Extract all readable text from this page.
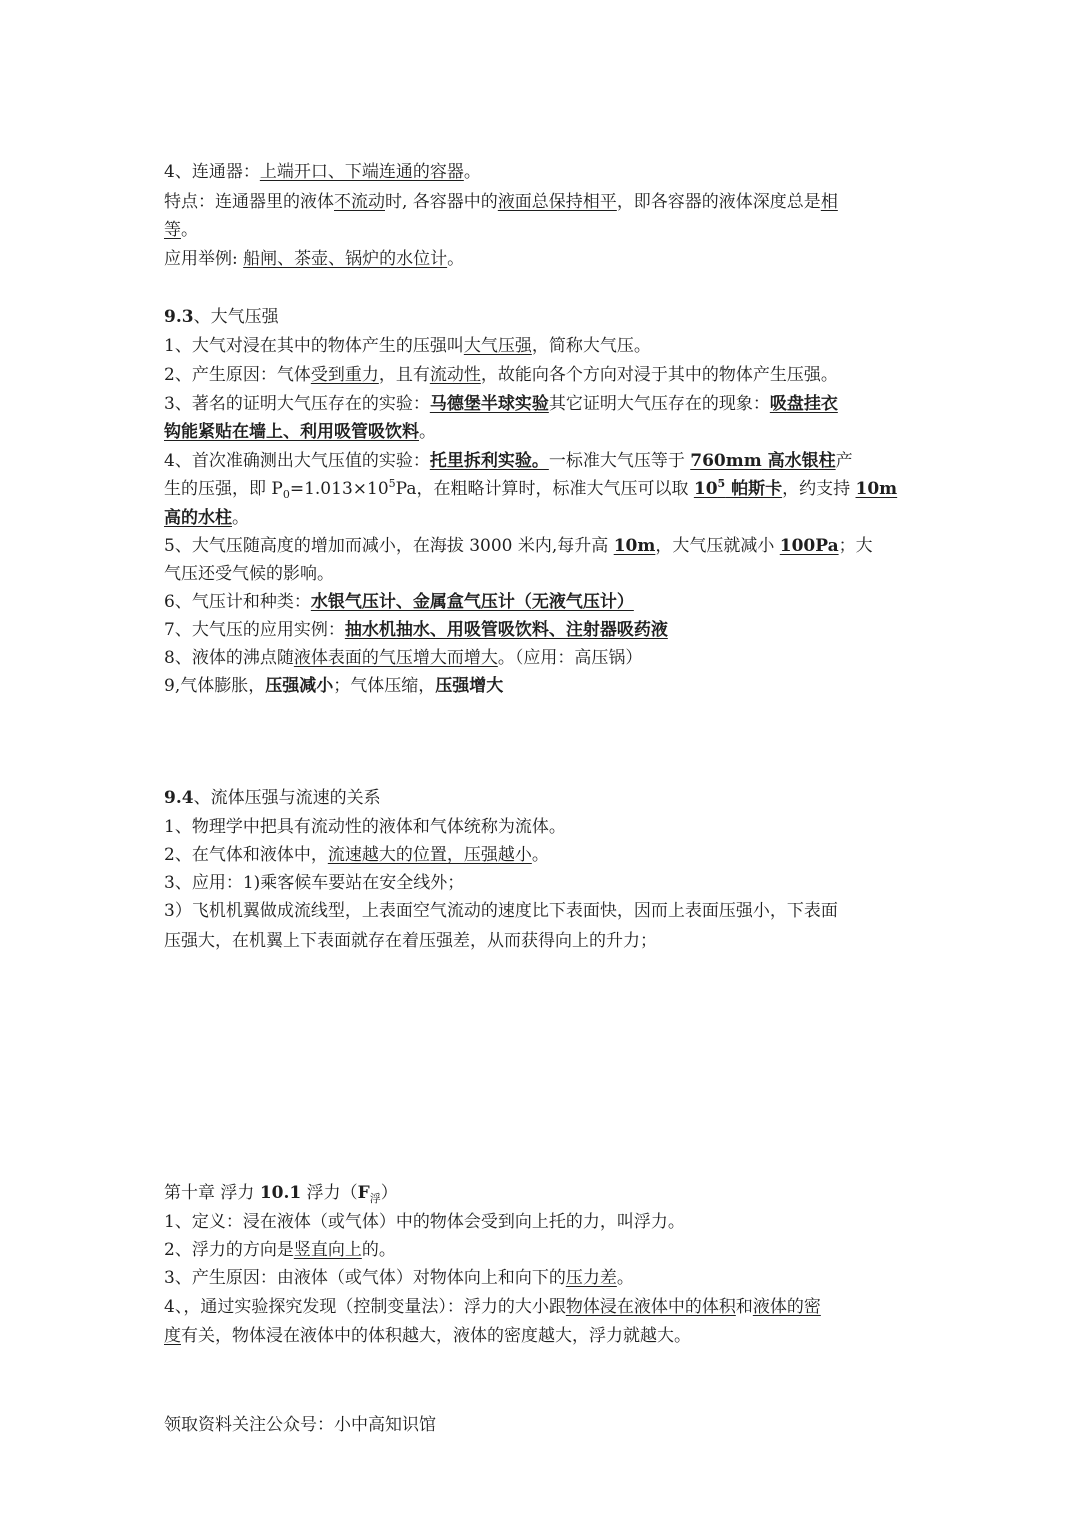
4、连通器：上端开口、下端连通的容器。
特点：连通器里的液体不流动时, 各容器中的液面总保持相平，即各容器的液体深度总是相
等。
应用举例: 船闸、茶壶、锅炉的水位计。
9.3、大气压强
1、大气对浸在其中的物体产生的压强叫大气压强，简称大气压。
2、产生原因：气体受到重力，且有流动性，故能向各个方向对浸于其中的物体产生压强。
3、著名的证明大气压存在的实验：马德堡半球实验其它证明大气压存在的现象：吸盘挂衣
钩能紧贴在墙上、利用吸管吸饮料。
4、首次准确测出大气压值的实验：托里拆利实验。一标准大气压等于 760mm 高水银柱产
生的压强，即 $P_0=1.013\times 10^5Pa$，在粗略计算时，标准大气压可以取 $10^5$ 帕斯卡，约支持 10m
高的水柱。
5、大气压随高度的增加而减小，在海拔 3000 米内,每升高 10m，大气压就减小 100Pa；大
气压还受气候的影响。
6、气压计和种类：水银气压计、金属盒气压计（无液气压计）
7、大气压的应用实例：抽水机抽水、用吸管吸饮料、注射器吸药液
8、液体的沸点随液体表面的气压增大而增大。（应用：高压锅）
9,气体膨胀，压强减小；气体压缩，压强增大
9.4、流体压强与流速的关系
1、物理学中把具有流动性的液体和气体统称为流体。
2、在气体和液体中，流速越大的位置，压强越小。
3、应用：1)乘客候车要站在安全线外；
3）飞机机翼做成流线型，上表面空气流动的速度比下表面快，因而上表面压强小，下表面
压强大，在机翼上下表面就存在着压强差，从而获得向上的升力；
第十章 浮力 10.1 浮力$(F_浮)$
1、定义：浸在液体（或气体）中的物体会受到向上托的力，叫浮力。
2、浮力的方向是竖直向上的。
3、产生原因：由液体（或气体）对物体向上和向下的压力差。
4、，通过实验探究发现（控制变量法）：浮力的大小跟物体浸在液体中的体积和液体的密
度有关，物体浸在液体中的体积越大，液体的密度越大，浮力就越大。
领取资料关注公众号：小中高知识馆
